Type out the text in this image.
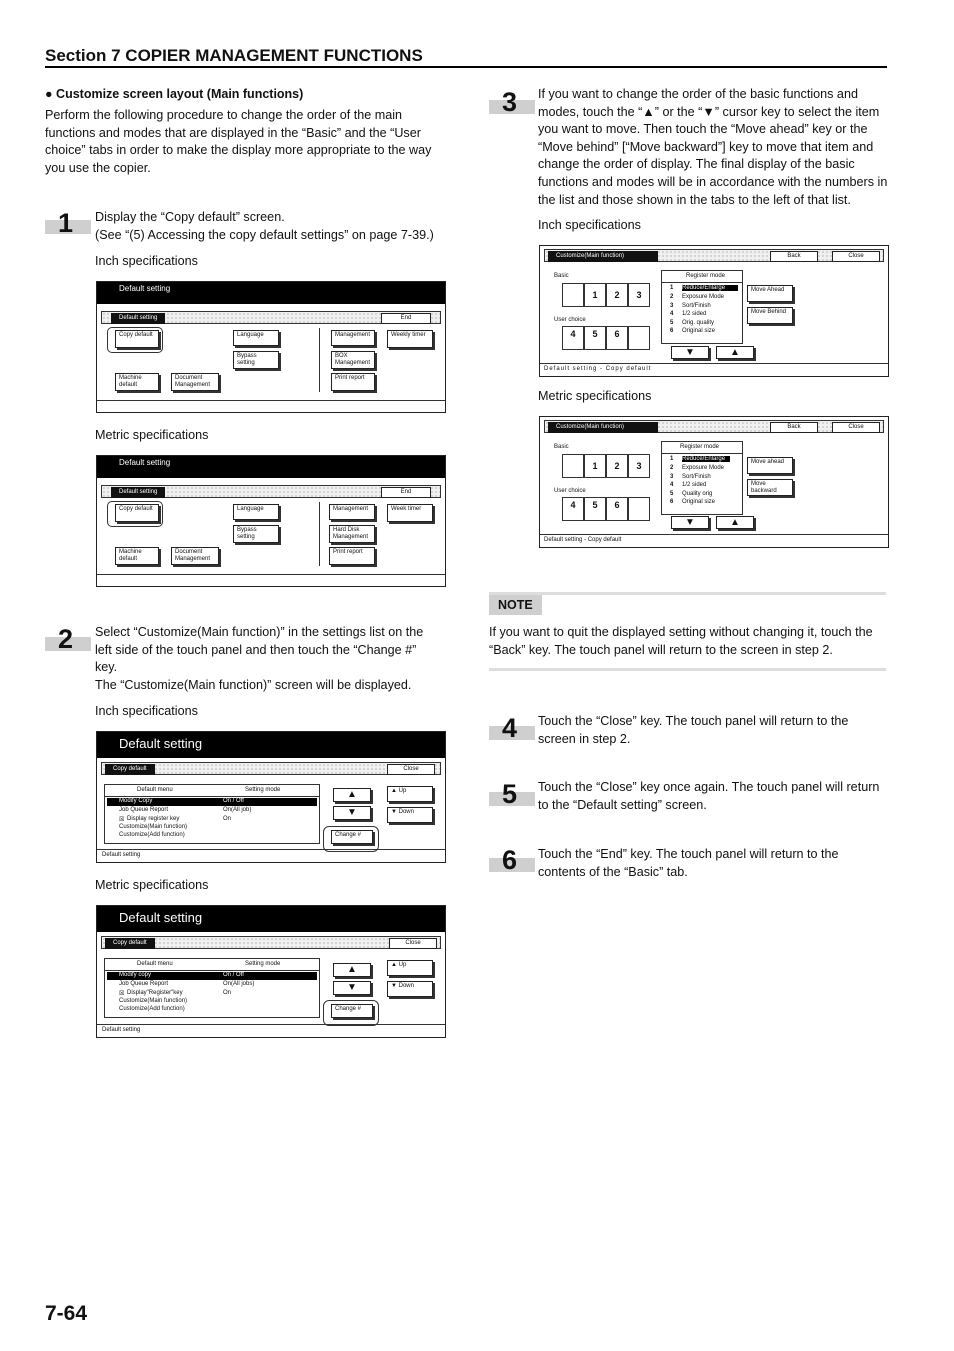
Section 7 COPIER MANAGEMENT FUNCTIONS
● Customize screen layout (Main functions)
Perform the following procedure to change the order of the main functions and modes that are displayed in the “Basic” and the “User choice” tabs in order to make the display more appropriate to the way you use the copier.
1 Display the “Copy default” screen.
(See “(5) Accessing the copy default settings” on page 7-39.)
Inch specifications
Default setting
Default setting	End
Copy default
Machine default
Document Management
Language
Bypass setting
Management
BOX Management
Print report
Weekly timer
Metric specifications
Default setting
Default setting	End
Copy default
Machine default
Document Management
Language
Bypass setting
Management
Hard Disk Management
Print report
Week timer
2 Select “Customize(Main function)” in the settings list on the left side of the touch panel and then touch the “Change #” key.
The “Customize(Main function)” screen will be displayed.
Inch specifications
Default setting
Copy default	Close
Default menu	Setting mode
Modify Copy	On / Off
Job Queue Report	On(All job)
☒ Display register key	On
Customize(Main function)
Customize(Add function)
▲
▼
Change #
▲ Up
▼ Down
Default setting
Metric specifications
Default setting
Copy default	Close
Default menu	Setting mode
Modify copy	On / Off
Job Queue Report	On(All jobs)
☒ Display"Register"key	On
Customize(Main function)
Customize(Add function)
▲
▼
Change #
▲ Up
▼ Down
Default setting
3 If you want to change the order of the basic functions and modes, touch the “▲” or the “▼” cursor key to select the item you want to move. Then touch the “Move ahead” key or the “Move behind” [“Move backward”] key to move that item and change the order of display. The final display of the basic functions and modes will be in accordance with the numbers in the list and those shown in the tabs to the left of that list.
Inch specifications
Customize(Main function)	Back	Close
Basic
1	2	3
User choice
4	5	6
Register mode
1 Reduce/Enlarge
2 Exposure Mode
3 Sort/Finish
4 1/2 sided
5 Orig. quality
6 Original size
Move Ahead
Move Behind
▼	▲
Default setting - Copy default
Metric specifications
Customize(Main function)	Back	Close
Basic
1	2	3
User choice
4	5	6
Register mode
1 Reduce/Enlarge
2 Exposure Mode
3 Sort/Finish
4 1/2 sided
5 Quality orig
6 Original size
Move ahead
Move backward
▼	▲
Default setting - Copy default
NOTE
If you want to quit the displayed setting without changing it, touch the “Back” key. The touch panel will return to the screen in step 2.
4 Touch the “Close” key. The touch panel will return to the screen in step 2.
5 Touch the “Close” key once again. The touch panel will return to the “Default setting” screen.
6 Touch the “End” key. The touch panel will return to the contents of the “Basic” tab.
7-64
